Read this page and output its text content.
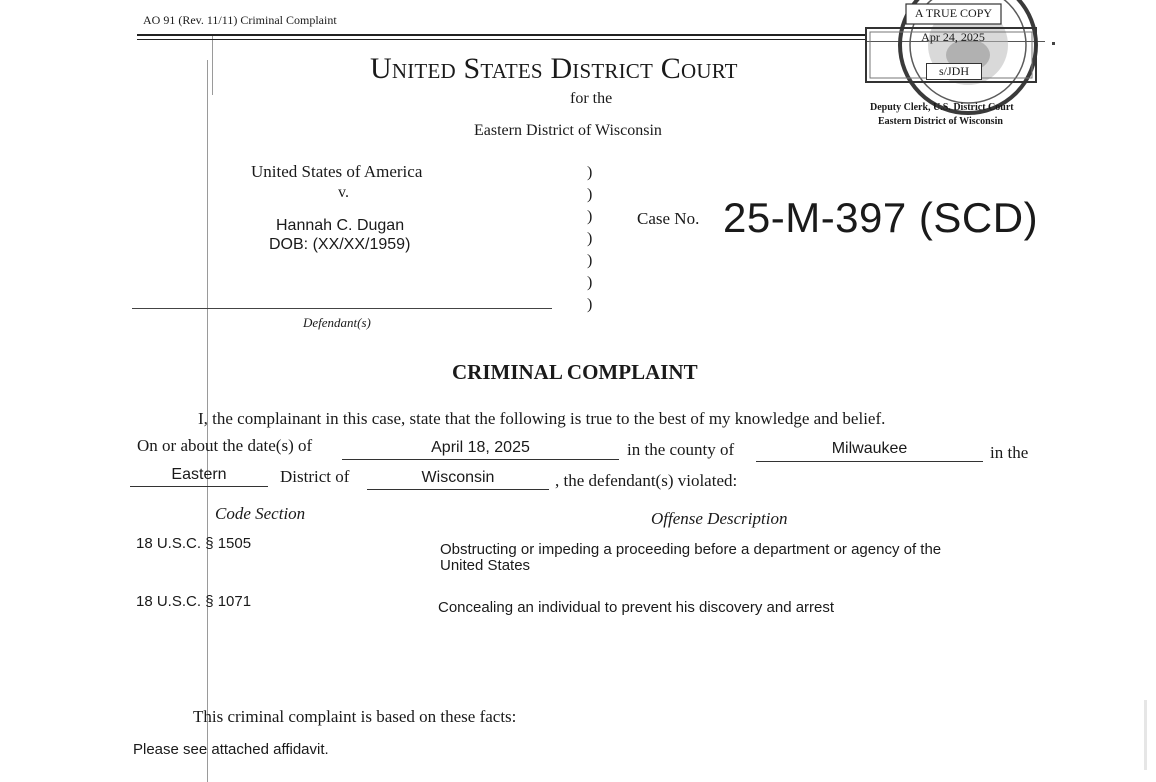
AO 91 (Rev. 11/11) Criminal Complaint
United States District Court
for the
Eastern District of Wisconsin
A TRUE COPY
Apr 24, 2025
s/JDH
Deputy Clerk, U.S. District Court
Eastern District of Wisconsin
United States of America
v.
Hannah C. Dugan
DOB: (XX/XX/1959)
Defendant(s)
)
)
)
)
)
)
)
Case No. 25-M-397 (SCD)
CRIMINAL COMPLAINT
I, the complainant in this case, state that the following is true to the best of my knowledge and belief.
On or about the date(s) of	April 18, 2025	in the county of	Milwaukee	in the
Eastern	District of	Wisconsin	, the defendant(s) violated:
Code Section	Offense Description
18 U.S.C. § 1505	Obstructing or impeding a proceeding before a department or agency of the
United States
18 U.S.C. § 1071	Concealing an individual to prevent his discovery and arrest
This criminal complaint is based on these facts:
Please see attached affidavit.
